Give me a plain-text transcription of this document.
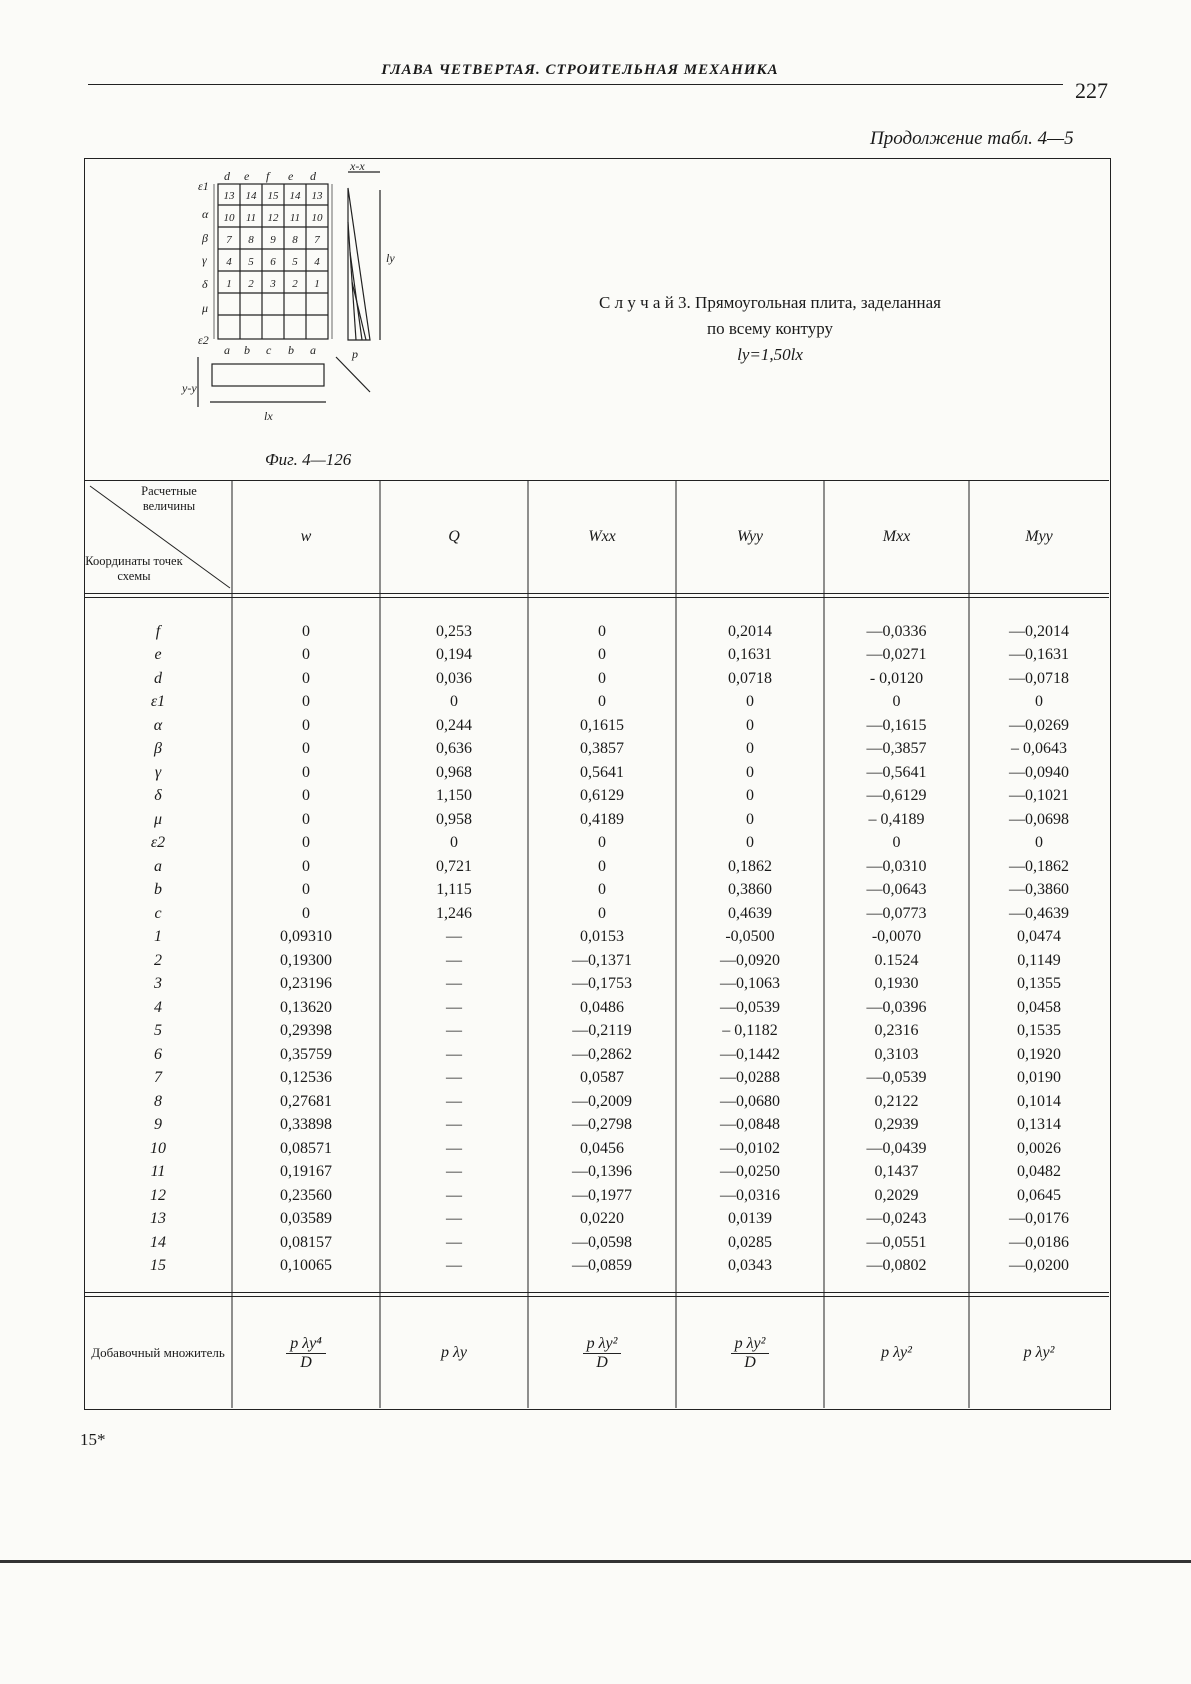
ГЛАВА ЧЕТВЕРТАЯ. СТРОИТЕЛЬНАЯ МЕХАНИКА
227
Продолжение табл. 4—5
d e f e d
a b c b a
ε1
α
β
γ
δ
μ
ε2
x-x
y-y
lx
ly
p
13 14 15 14 13
10 11 12 11 10
7 8 9 8 7
4 5 6 5 4
1 2 3 2 1
Фиг. 4—126
С л у ч а й 3. Прямоугольная плита, заделанная
по всему контуру
ly=1,50lx
Расчетные величины
Координаты точек схемы
w	Q	Wxx	Wyy	Mxx	Myy
f	0	0,253	0	0,2014	—0,0336	—0,2014
e	0	0,194	0	0,1631	—0,0271	—0,1631
d	0	0,036	0	0,0718	- 0,0120	—0,0718
ε1	0	0	0	0	0	0
α	0	0,244	0,1615	0	—0,1615	—0,0269
β	0	0,636	0,3857	0	—0,3857	– 0,0643
γ	0	0,968	0,5641	0	—0,5641	—0,0940
δ	0	1,150	0,6129	0	—0,6129	—0,1021
μ	0	0,958	0,4189	0	– 0,4189	—0,0698
ε2	0	0	0	0	0	0
a	0	0,721	0	0,1862	—0,0310	—0,1862
b	0	1,115	0	0,3860	—0,0643	—0,3860
c	0	1,246	0	0,4639	—0,0773	—0,4639
1	0,09310	—	0,0153	-0,0500	-0,0070	0,0474
2	0,19300	—	—0,1371	—0,0920	0.1524	0,1149
3	0,23196	—	—0,1753	—0,1063	0,1930	0,1355
4	0,13620	—	0,0486	—0,0539	—0,0396	0,0458
5	0,29398	—	—0,2119	– 0,1182	0,2316	0,1535
6	0,35759	—	—0,2862	—0,1442	0,3103	0,1920
7	0,12536	—	0,0587	—0,0288	—0,0539	0,0190
8	0,27681	—	—0,2009	—0,0680	0,2122	0,1014
9	0,33898	—	—0,2798	—0,0848	0,2939	0,1314
10	0,08571	—	0,0456	—0,0102	—0,0439	0,0026
11	0,19167	—	—0,1396	—0,0250	0,1437	0,0482
12	0,23560	—	—0,1977	—0,0316	0,2029	0,0645
13	0,03589	—	0,0220	0,0139	—0,0243	—0,0176
14	0,08157	—	—0,0598	0,0285	—0,0551	—0,0186
15	0,10065	—	—0,0859	0,0343	—0,0802	—0,0200
Добавочный множитель	$\frac{\text{p λy⁴}}{D}$	p λy	$\frac{\text{p λy²}}{D}$	$\frac{\text{p λy²}}{D}$	p λy²	p λy²
15*
